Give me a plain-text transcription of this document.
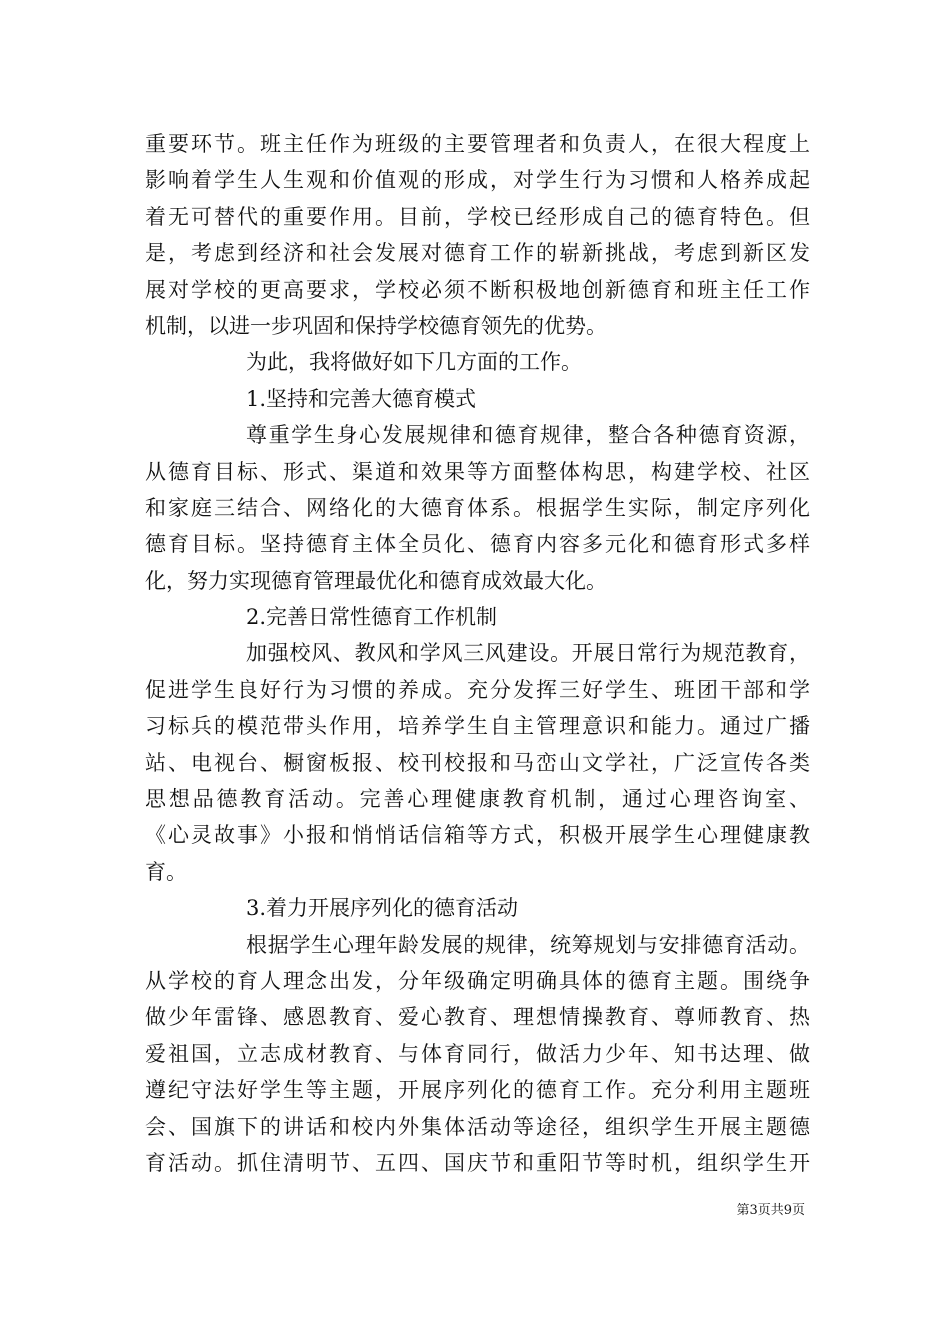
重要环节。班主任作为班级的主要管理者和负责人，在很大程度上
影响着学生人生观和价值观的形成，对学生行为习惯和人格养成起
着无可替代的重要作用。目前，学校已经形成自己的德育特色。但
是，考虑到经济和社会发展对德育工作的崭新挑战，考虑到新区发
展对学校的更高要求，学校必须不断积极地创新德育和班主任工作
机制，以进一步巩固和保持学校德育领先的优势。
为此，我将做好如下几方面的工作。
1.坚持和完善大德育模式
尊重学生身心发展规律和德育规律，整合各种德育资源，
从德育目标、形式、渠道和效果等方面整体构思，构建学校、社区
和家庭三结合、网络化的大德育体系。根据学生实际，制定序列化
德育目标。坚持德育主体全员化、德育内容多元化和德育形式多样
化，努力实现德育管理最优化和德育成效最大化。
2.完善日常性德育工作机制
加强校风、教风和学风三风建设。开展日常行为规范教育，
促进学生良好行为习惯的养成。充分发挥三好学生、班团干部和学
习标兵的模范带头作用，培养学生自主管理意识和能力。通过广播
站、电视台、橱窗板报、校刊校报和马峦山文学社，广泛宣传各类
思想品德教育活动。完善心理健康教育机制，通过心理咨询室、
《心灵故事》小报和悄悄话信箱等方式，积极开展学生心理健康教
育。
3.着力开展序列化的德育活动
根据学生心理年龄发展的规律，统筹规划与安排德育活动。
从学校的育人理念出发，分年级确定明确具体的德育主题。围绕争
做少年雷锋、感恩教育、爱心教育、理想情操教育、尊师教育、热
爱祖国，立志成材教育、与体育同行，做活力少年、知书达理、做
遵纪守法好学生等主题，开展序列化的德育工作。充分利用主题班
会、国旗下的讲话和校内外集体活动等途径，组织学生开展主题德
育活动。抓住清明节、五四、国庆节和重阳节等时机，组织学生开
第3页共9页
